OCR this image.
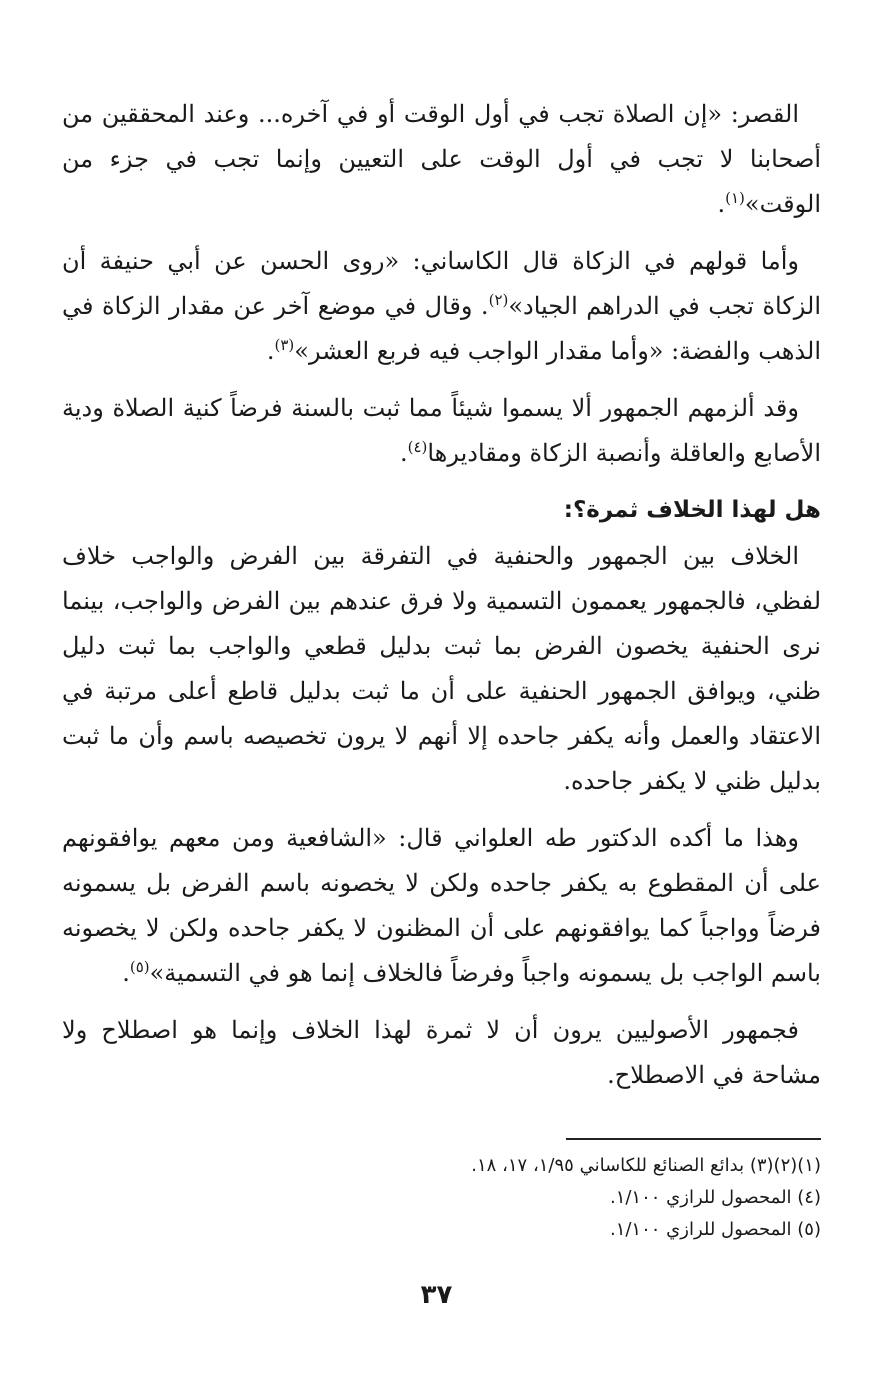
القصر: «إن الصلاة تجب في أول الوقت أو في آخره... وعند المحققين من أصحابنا لا تجب في أول الوقت على التعيين وإنما تجب في جزء من الوقت»$^{(١)}$.

وأما قولهم في الزكاة قال الكاساني: «روى الحسن عن أبي حنيفة أن الزكاة تجب في الدراهم الجياد»$^{(٢)}$. وقال في موضع آخر عن مقدار الزكاة في الذهب والفضة: «وأما مقدار الواجب فيه فربع العشر»$^{(٣)}$.

وقد ألزمهم الجمهور ألا يسموا شيئاً مما ثبت بالسنة فرضاً كنية الصلاة ودية الأصابع والعاقلة وأنصبة الزكاة ومقاديرها$^{(٤)}$.

هل لهذا الخلاف ثمرة؟:

الخلاف بين الجمهور والحنفية في التفرقة بين الفرض والواجب خلاف لفظي، فالجمهور يعممون التسمية ولا فرق عندهم بين الفرض والواجب، بينما نرى الحنفية يخصون الفرض بما ثبت بدليل قطعي والواجب بما ثبت دليل ظني، ويوافق الجمهور الحنفية على أن ما ثبت بدليل قاطع أعلى مرتبة في الاعتقاد والعمل وأنه يكفر جاحده إلا أنهم لا يرون تخصيصه باسم وأن ما ثبت بدليل ظني لا يكفر جاحده.

وهذا ما أكده الدكتور طه العلواني قال: «الشافعية ومن معهم يوافقونهم على أن المقطوع به يكفر جاحده ولكن لا يخصونه باسم الفرض بل يسمونه فرضاً وواجباً كما يوافقونهم على أن المظنون لا يكفر جاحده ولكن لا يخصونه باسم الواجب بل يسمونه واجباً وفرضاً فالخلاف إنما هو في التسمية»$^{(٥)}$.

فجمهور الأصوليين يرون أن لا ثمرة لهذا الخلاف وإنما هو اصطلاح ولا مشاحة في الاصطلاح.

(١)(٢)(٣) بدائع الصنائع للكاساني ١/٩٥، ١٧، ١٨.

(٤) المحصول للرازي ١/١٠٠.

(٥) المحصول للرازي ١/١٠٠.

٣٧
